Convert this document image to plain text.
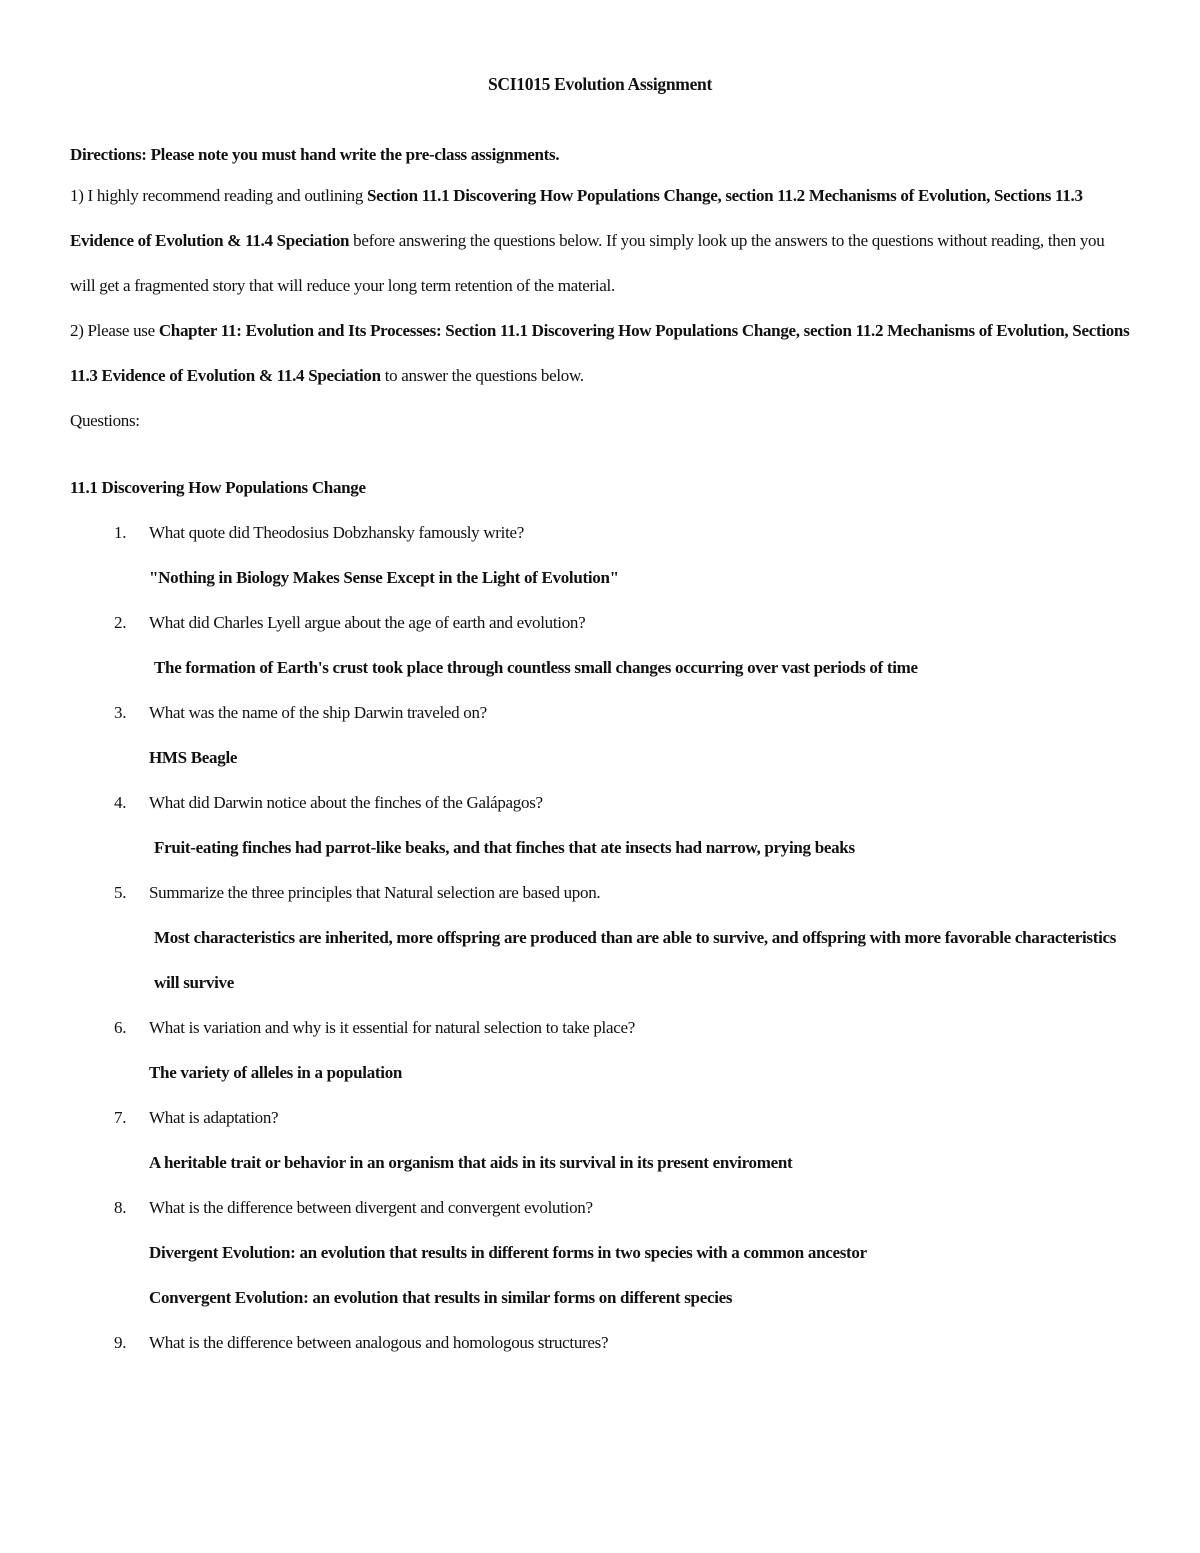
SCI1015 Evolution Assignment
Directions: Please note you must hand write the pre-class assignments.

1) I highly recommend reading and outlining Section 11.1 Discovering How Populations Change, section 11.2 Mechanisms of Evolution, Sections 11.3 Evidence of Evolution & 11.4 Speciation before answering the questions below. If you simply look up the answers to the questions without reading, then you will get a fragmented story that will reduce your long term retention of the material.

2) Please use Chapter 11: Evolution and Its Processes: Section 11.1 Discovering How Populations Change, section 11.2 Mechanisms of Evolution, Sections 11.3 Evidence of Evolution & 11.4 Speciation to answer the questions below.

Questions:
11.1 Discovering How Populations Change
1.	What quote did Theodosius Dobzhansky famously write?
"Nothing in Biology Makes Sense Except in the Light of Evolution"
2.	What did Charles Lyell argue about the age of earth and evolution?
The formation of Earth's crust took place through countless small changes occurring over vast periods of time
3.	What was the name of the ship Darwin traveled on?
HMS Beagle
4.	What did Darwin notice about the finches of the Galápagos?
Fruit-eating finches had parrot-like beaks, and that finches that ate insects had narrow, prying beaks
5.	Summarize the three principles that Natural selection are based upon.
Most characteristics are inherited, more offspring are produced than are able to survive, and offspring with more favorable characteristics will survive
6.	What is variation and why is it essential for natural selection to take place?
The variety of alleles in a population
7.	What is adaptation?
A heritable trait or behavior in an organism that aids in its survival in its present enviroment
8.	What is the difference between divergent and convergent evolution?
Divergent Evolution: an evolution that results in different forms in two species with a common ancestor
Convergent Evolution: an evolution that results in similar forms on different species
9.	What is the difference between analogous and homologous structures?
